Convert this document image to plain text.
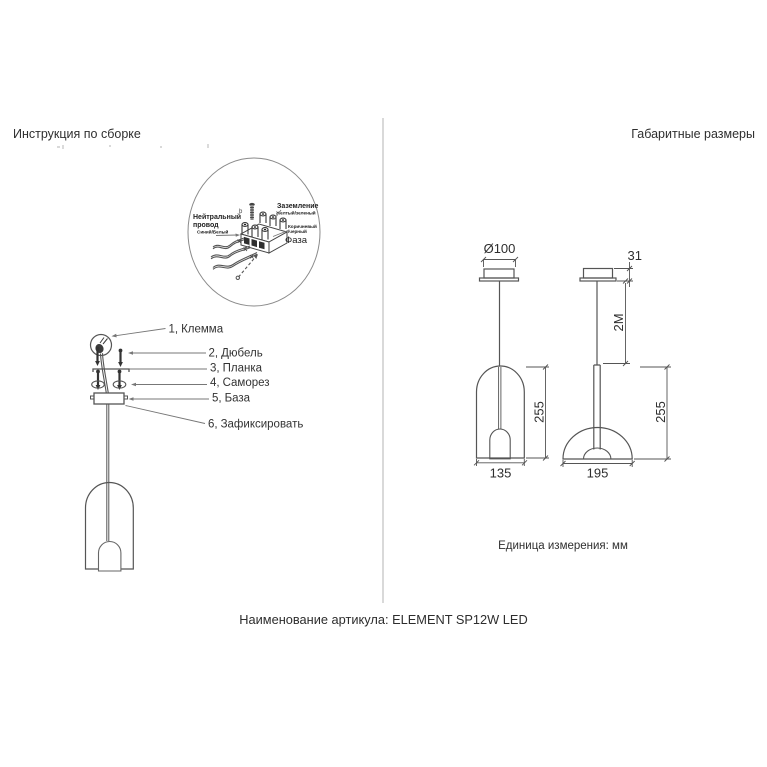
Инструкция по сборке	Габаритные размеры
Заземление
Желтый/зеленый
Нейтральный
провод
Синий/Белый
Коричневый
/черный
Фаза
b
1, Клемма
2, Дюбель
3, Планка
4, Саморез
5, База
6, Зафиксировать
Ø100
255
135
31
2M
255
195
Единица измерения: мм
Наименование артикула: ELEMENT SP12W LED
